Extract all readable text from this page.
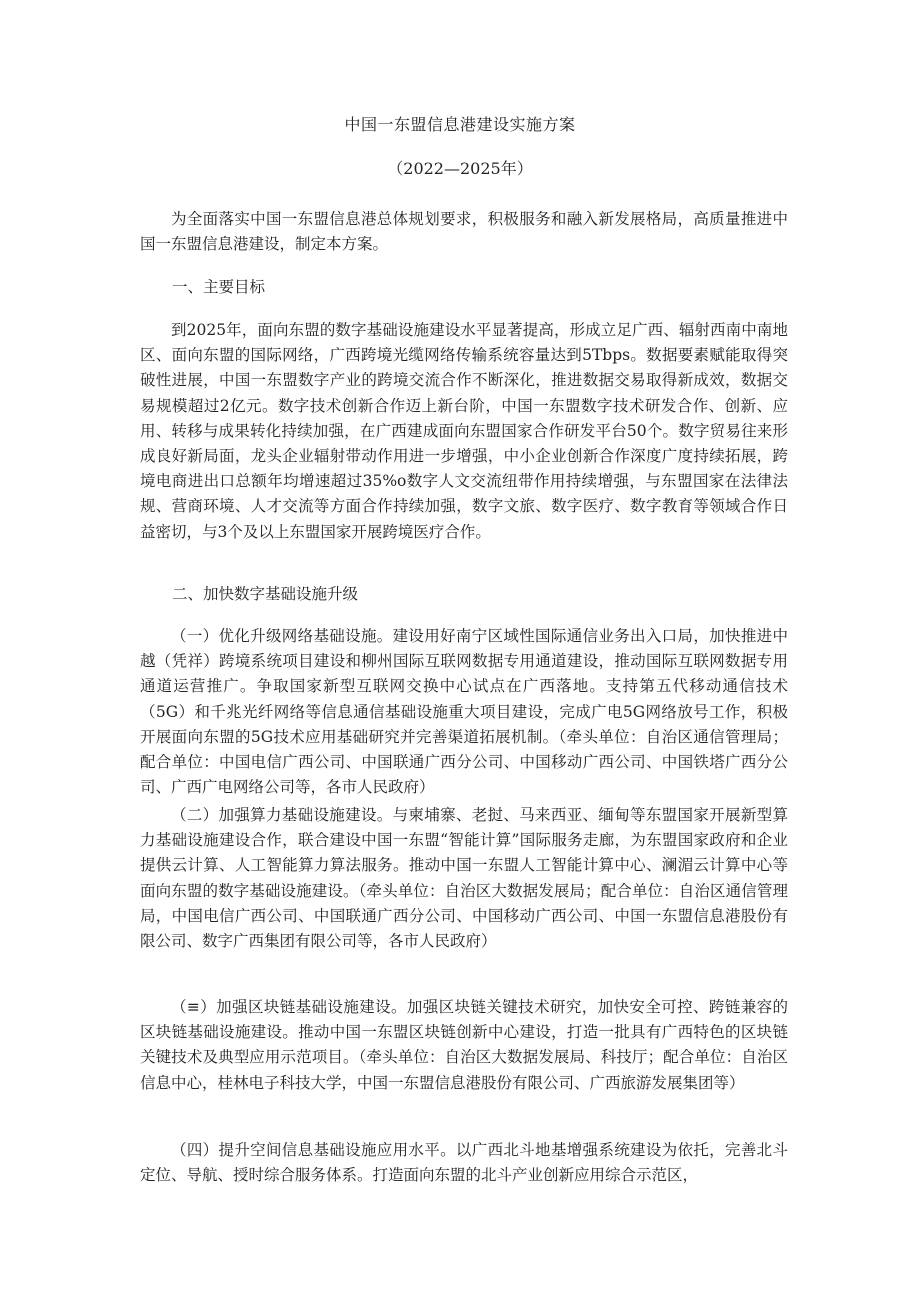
中国一东盟信息港建设实施方案
（2022—2025年）

为全面落实中国一东盟信息港总体规划要求，积极服务和融入新发展格局，高质量推进中国一东盟信息港建设，制定本方案。

一、主要目标

到2025年，面向东盟的数字基础设施建设水平显著提高，形成立足广西、辐射西南中南地区、面向东盟的国际网络，广西跨境光缆网络传输系统容量达到5Tbps。数据要素赋能取得突破性进展，中国一东盟数字产业的跨境交流合作不断深化，推进数据交易取得新成效，数据交易规模超过2亿元。数字技术创新合作迈上新台阶，中国一东盟数字技术研发合作、创新、应用、转移与成果转化持续加强，在广西建成面向东盟国家合作研发平台50个。数字贸易往来形成良好新局面，龙头企业辐射带动作用进一步增强，中小企业创新合作深度广度持续拓展，跨境电商进出口总额年均增速超过35%o数字人文交流纽带作用持续增强，与东盟国家在法律法规、营商环境、人才交流等方面合作持续加强，数字文旅、数字医疗、数字教育等领域合作日益密切，与3个及以上东盟国家开展跨境医疗合作。

二、加快数字基础设施升级

（一）优化升级网络基础设施。建设用好南宁区域性国际通信业务出入口局，加快推进中越（凭祥）跨境系统项目建设和柳州国际互联网数据专用通道建设，推动国际互联网数据专用通道运营推广。争取国家新型互联网交换中心试点在广西落地。支持第五代移动通信技术（5G）和千兆光纤网络等信息通信基础设施重大项目建设，完成广电5G网络放号工作，积极开展面向东盟的5G技术应用基础研究并完善渠道拓展机制。（牵头单位：自治区通信管理局；配合单位：中国电信广西公司、中国联通广西分公司、中国移动广西公司、中国铁塔广西分公司、广西广电网络公司等，各市人民政府）

（二）加强算力基础设施建设。与柬埔寨、老挝、马来西亚、缅甸等东盟国家开展新型算力基础设施建设合作，联合建设中国一东盟“智能计算”国际服务走廊，为东盟国家政府和企业提供云计算、人工智能算力算法服务。推动中国一东盟人工智能计算中心、澜湄云计算中心等面向东盟的数字基础设施建设。（牵头单位：自治区大数据发展局；配合单位：自治区通信管理局，中国电信广西公司、中国联通广西分公司、中国移动广西公司、中国一东盟信息港股份有限公司、数字广西集团有限公司等，各市人民政府）

（≡）加强区块链基础设施建设。加强区块链关键技术研究，加快安全可控、跨链兼容的区块链基础设施建设。推动中国一东盟区块链创新中心建设，打造一批具有广西特色的区块链关键技术及典型应用示范项目。（牵头单位：自治区大数据发展局、科技厅；配合单位：自治区信息中心，桂林电子科技大学，中国一东盟信息港股份有限公司、广西旅游发展集团等）

（四）提升空间信息基础设施应用水平。以广西北斗地基增强系统建设为依托，完善北斗定位、导航、授时综合服务体系。打造面向东盟的北斗产业创新应用综合示范区，
